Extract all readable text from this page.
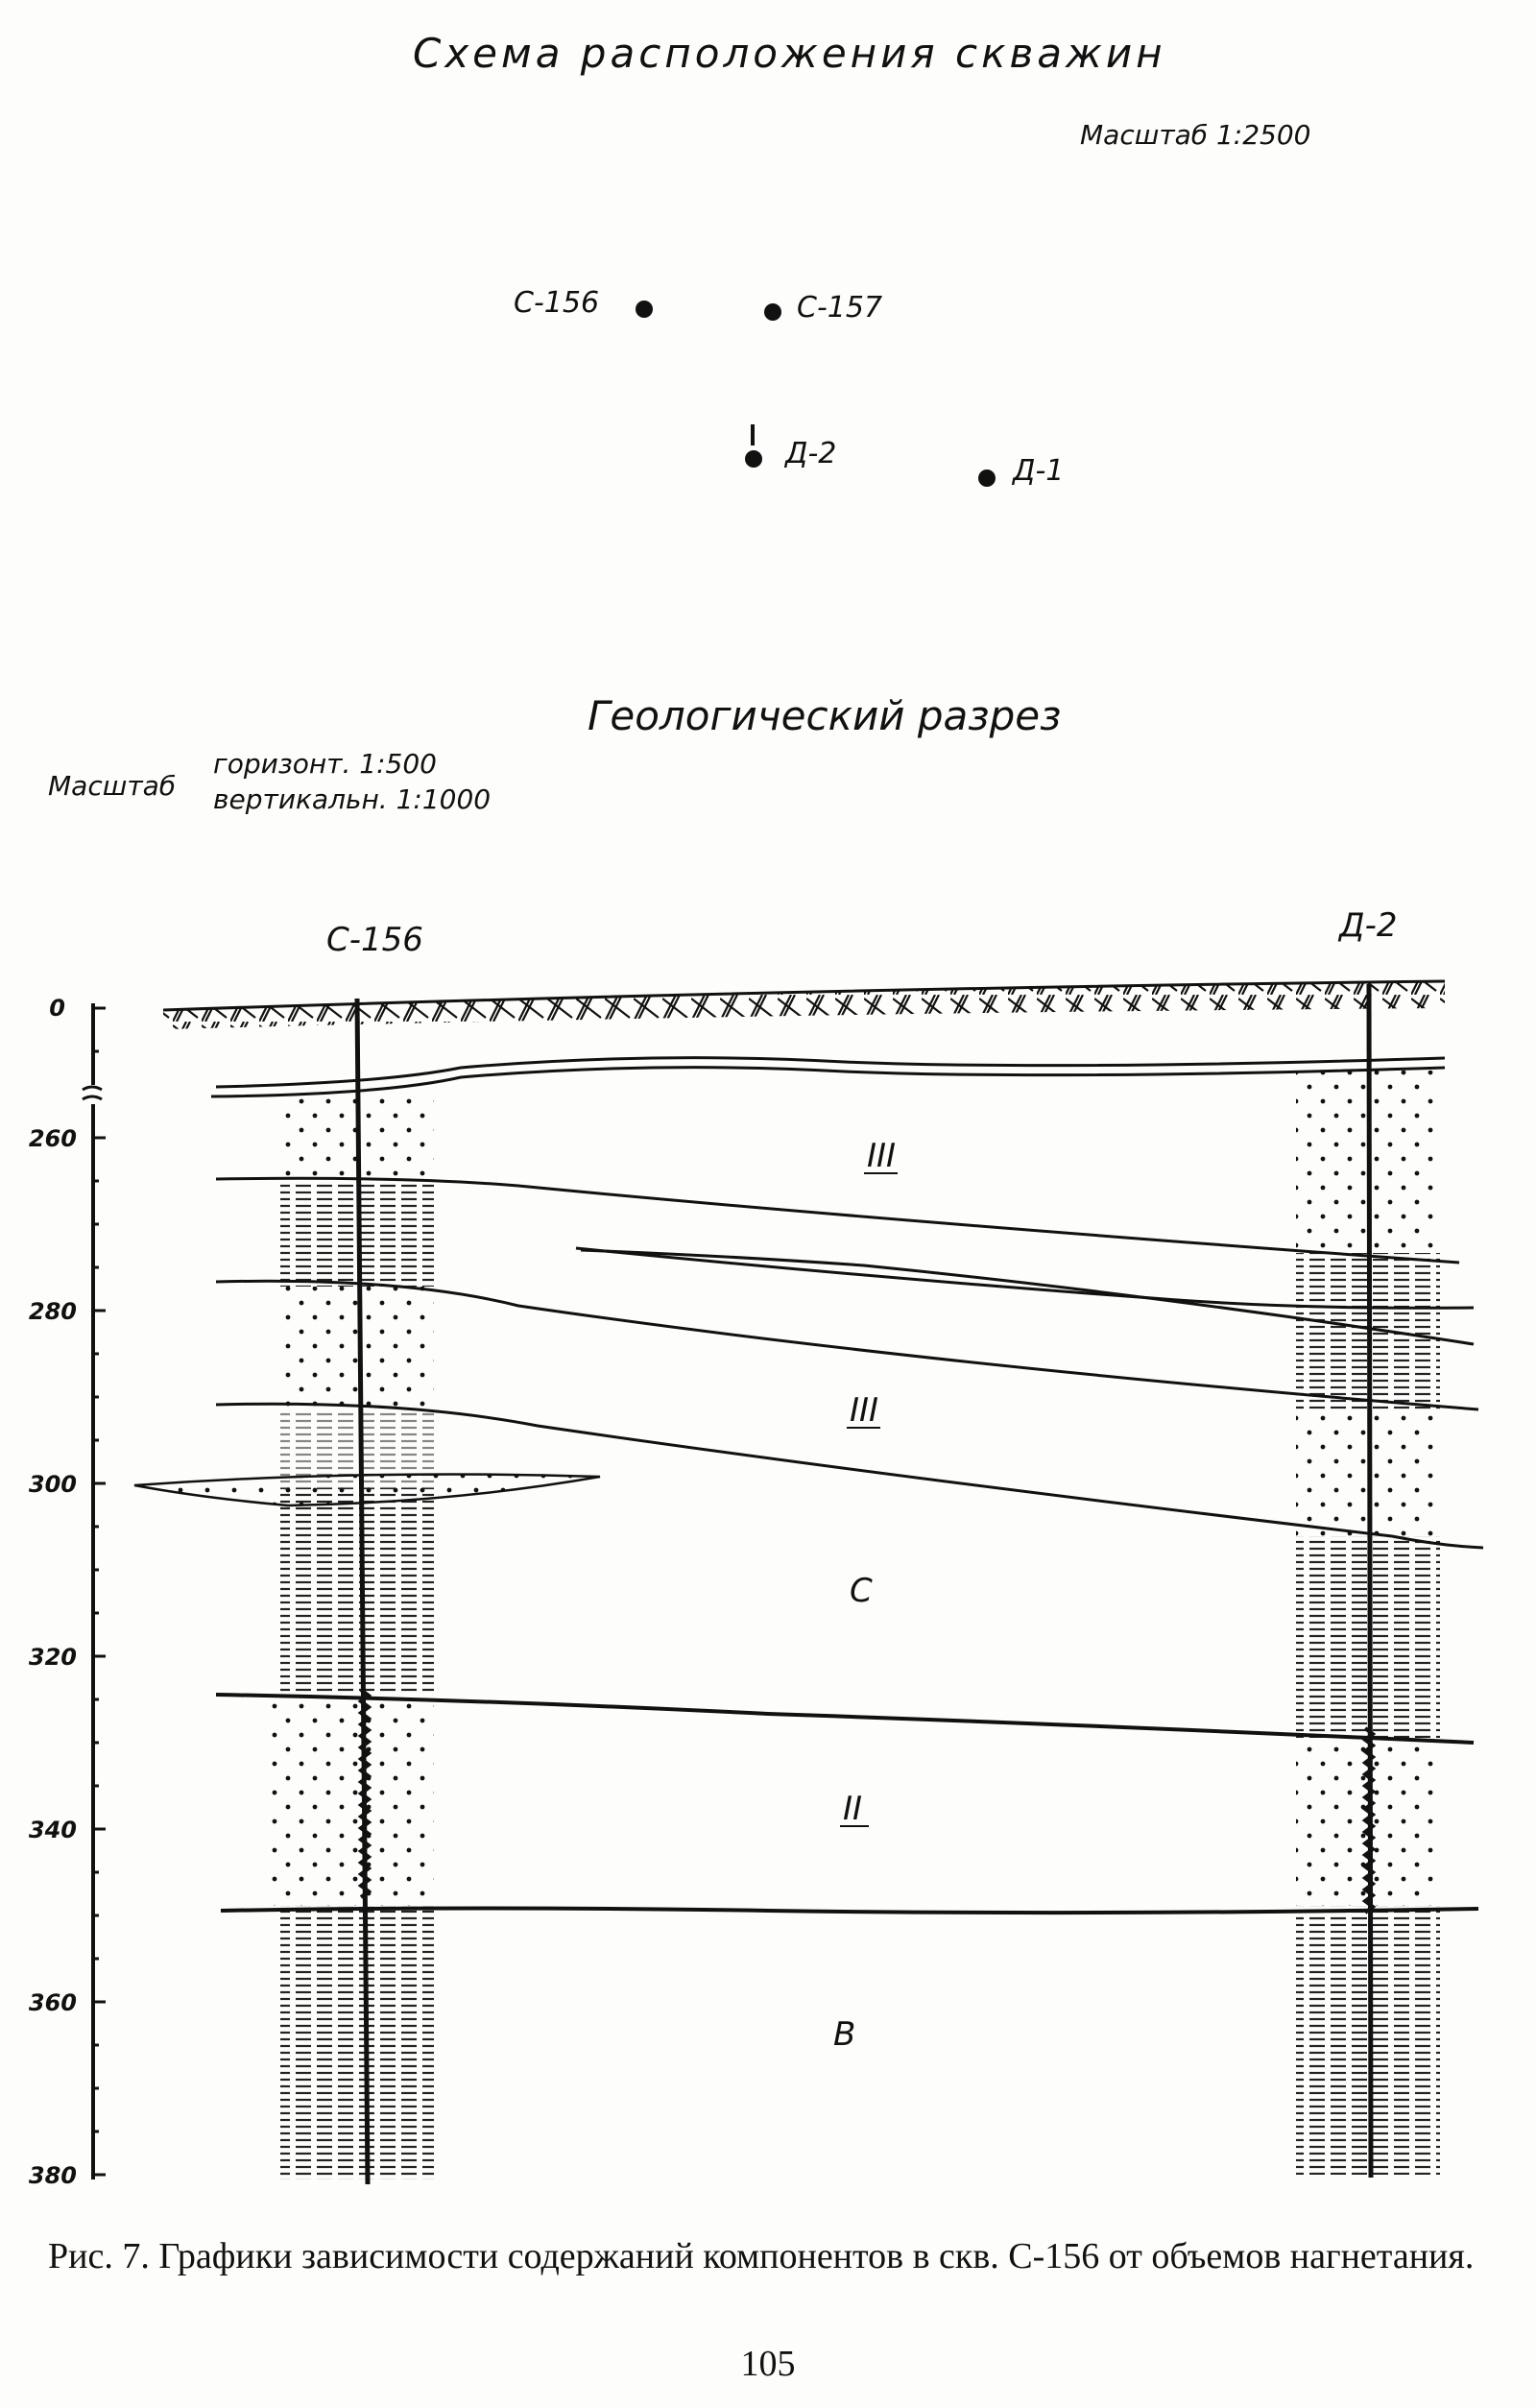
Схема расположения скважин
Масштаб 1:2500
С-156	С-157
Д-2
Д-1
Геологический разрез
Масштаб
горизонт. 1:500
вертикальн. 1:1000
С-156	Д-2
0
260
280
300
320
340
360
380
III
III
C
II
B
Рис. 7. Графики зависимости содержаний компонентов в скв. С-156 от объемов нагнетания.
105
